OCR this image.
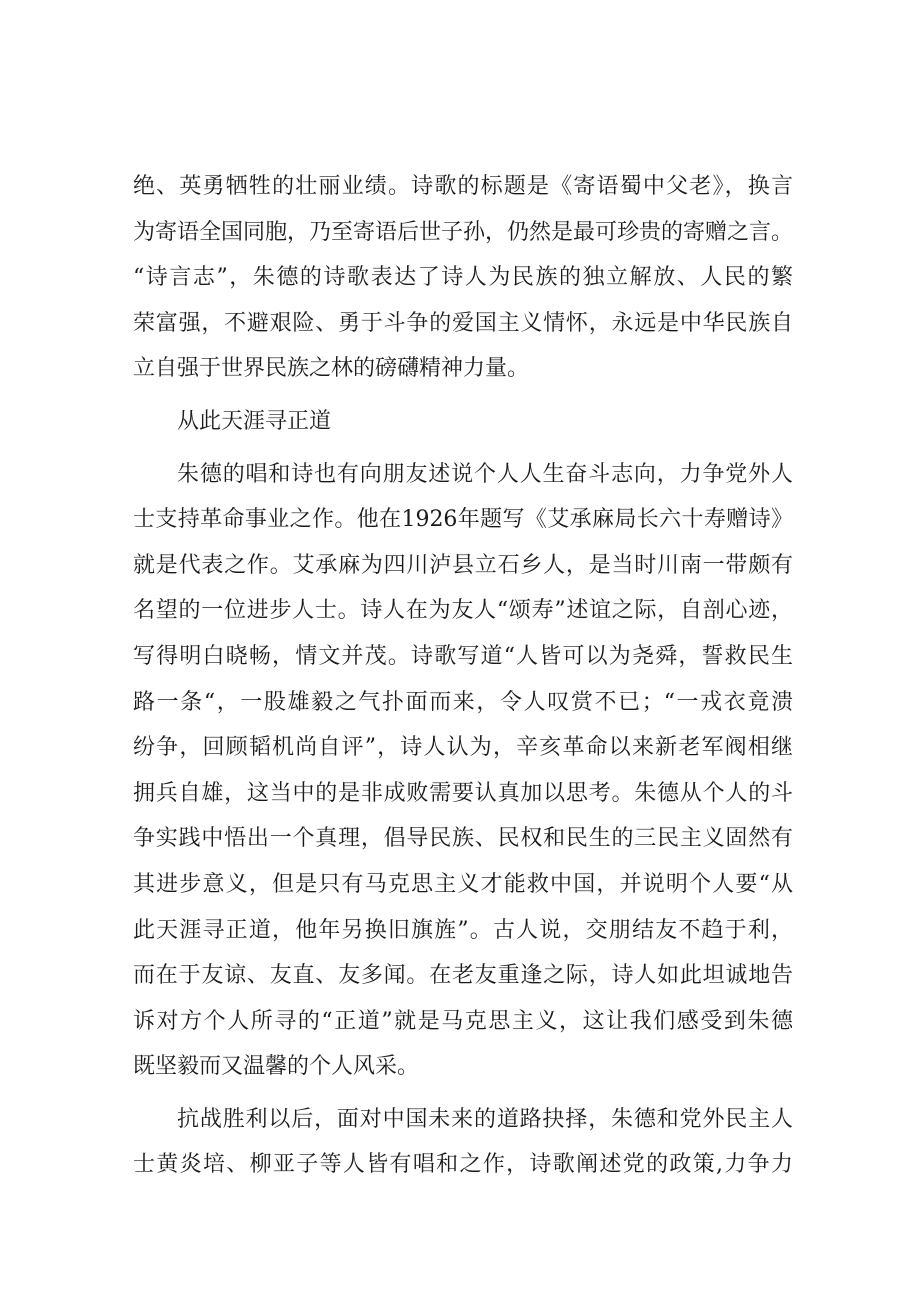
绝、英勇牺牲的壮丽业绩。诗歌的标题是《寄语蜀中父老》，换言
为寄语全国同胞，乃至寄语后世子孙，仍然是最可珍贵的寄赠之言。
“诗言志”，朱德的诗歌表达了诗人为民族的独立解放、人民的繁
荣富强，不避艰险、勇于斗争的爱国主义情怀，永远是中华民族自
立自强于世界民族之林的磅礴精神力量。
从此天涯寻正道
朱德的唱和诗也有向朋友述说个人人生奋斗志向，力争党外人
士支持革命事业之作。他在1926年题写《艾承麻局长六十寿赠诗》
就是代表之作。艾承麻为四川泸县立石乡人，是当时川南一带颇有
名望的一位进步人士。诗人在为友人“颂寿”述谊之际，自剖心迹，
写得明白晓畅，情文并茂。诗歌写道“人皆可以为尧舜，誓救民生
路一条“，一股雄毅之气扑面而来，令人叹赏不已；“一戎衣竟溃
纷争，回顾韬机尚自评”，诗人认为，辛亥革命以来新老军阀相继
拥兵自雄，这当中的是非成败需要认真加以思考。朱德从个人的斗
争实践中悟出一个真理，倡导民族、民权和民生的三民主义固然有
其进步意义，但是只有马克思主义才能救中国，并说明个人要“从
此天涯寻正道，他年另换旧旗旌”。古人说，交朋结友不趋于利，
而在于友谅、友直、友多闻。在老友重逢之际，诗人如此坦诚地告
诉对方个人所寻的“正道”就是马克思主义，这让我们感受到朱德
既坚毅而又温馨的个人风采。
抗战胜利以后，面对中国未来的道路抉择，朱德和党外民主人
士黄炎培、柳亚子等人皆有唱和之作，诗歌阐述党的政策,力争力
